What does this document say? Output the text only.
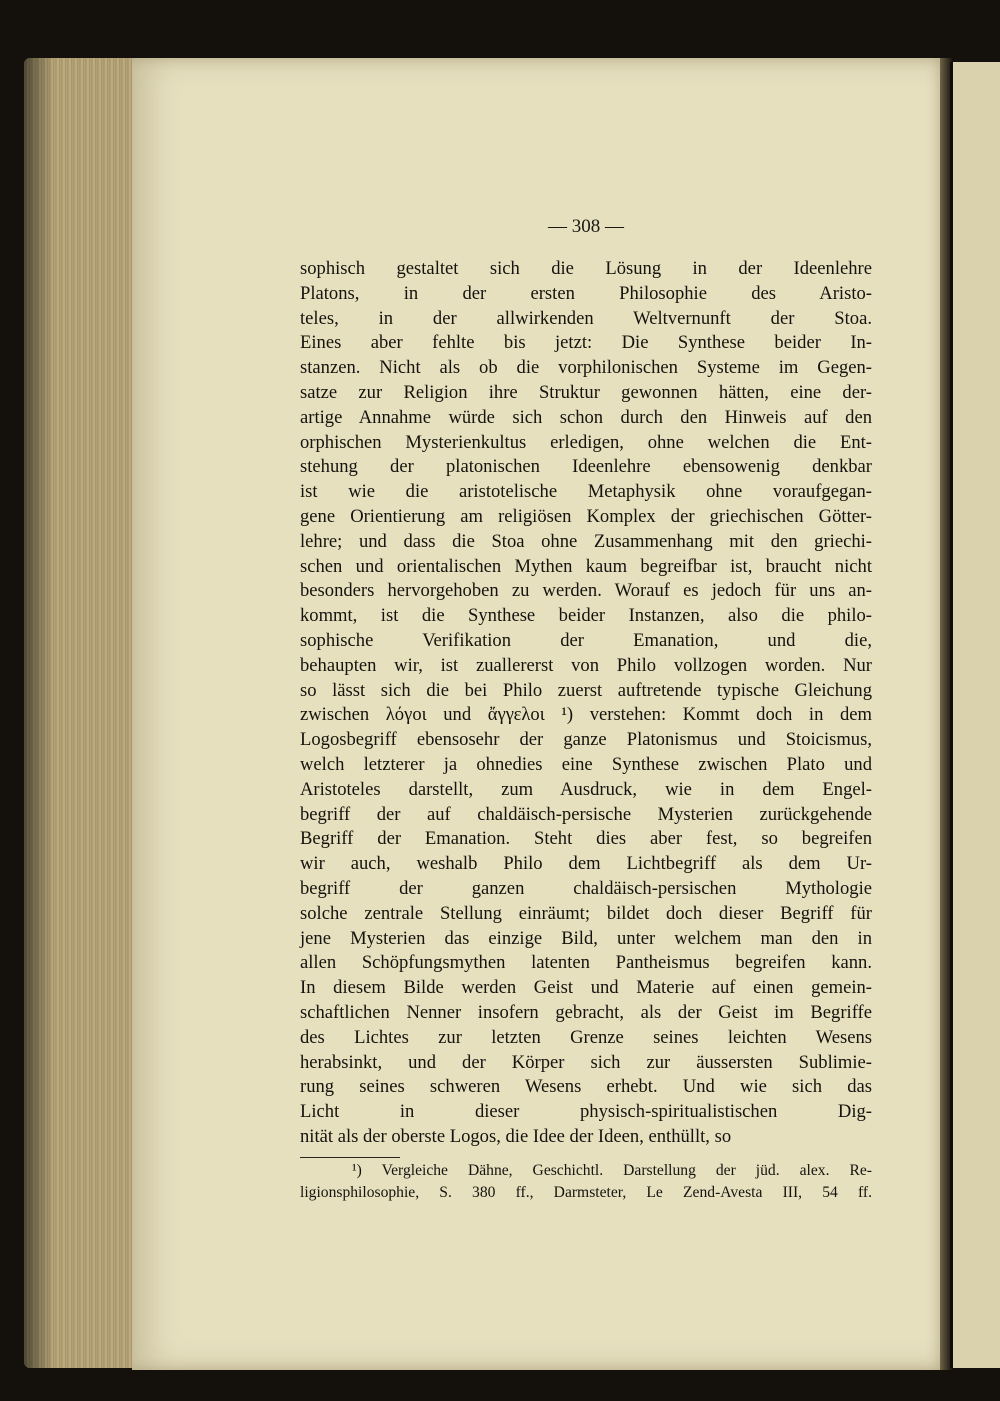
— 308 —
sophisch gestaltet sich die Lösung in der Ideenlehre
Platons, in der ersten Philosophie des Aristo-
teles, in der allwirkenden Weltvernunft der Stoa.
Eines aber fehlte bis jetzt: Die Synthese beider In-
stanzen. Nicht als ob die vorphilonischen Systeme im Gegen-
satze zur Religion ihre Struktur gewonnen hätten, eine der-
artige Annahme würde sich schon durch den Hinweis auf den
orphischen Mysterienkultus erledigen, ohne welchen die Ent-
stehung der platonischen Ideenlehre ebensowenig denkbar
ist wie die aristotelische Metaphysik ohne voraufgegan-
gene Orientierung am religiösen Komplex der griechischen Götter-
lehre; und dass die Stoa ohne Zusammenhang mit den griechi-
schen und orientalischen Mythen kaum begreifbar ist, braucht nicht
besonders hervorgehoben zu werden. Worauf es jedoch für uns an-
kommt, ist die Synthese beider Instanzen, also die philo-
sophische Verifikation der Emanation, und die,
behaupten wir, ist zuallererst von Philo vollzogen worden. Nur
so lässt sich die bei Philo zuerst auftretende typische Gleichung
zwischen λόγοι und ἄγγελοι ¹) verstehen: Kommt doch in dem
Logosbegriff ebensosehr der ganze Platonismus und Stoicismus,
welch letzterer ja ohnedies eine Synthese zwischen Plato und
Aristoteles darstellt, zum Ausdruck, wie in dem Engel-
begriff der auf chaldäisch-persische Mysterien zurückgehende
Begriff der Emanation. Steht dies aber fest, so begreifen
wir auch, weshalb Philo dem Lichtbegriff als dem Ur-
begriff der ganzen chaldäisch-persischen Mythologie
solche zentrale Stellung einräumt; bildet doch dieser Begriff für
jene Mysterien das einzige Bild, unter welchem man den in
allen Schöpfungsmythen latenten Pantheismus begreifen kann.
In diesem Bilde werden Geist und Materie auf einen gemein-
schaftlichen Nenner insofern gebracht, als der Geist im Begriffe
des Lichtes zur letzten Grenze seines leichten Wesens
herabsinkt, und der Körper sich zur äussersten Sublimie-
rung seines schweren Wesens erhebt. Und wie sich das
Licht in dieser physisch-spiritualistischen Dig-
nität als der oberste Logos, die Idee der Ideen, enthüllt, so
¹) Vergleiche Dähne, Geschichtl. Darstellung der jüd. alex. Re-
ligionsphilosophie, S. 380 ff., Darmsteter, Le Zend-Avesta III, 54 ff.
